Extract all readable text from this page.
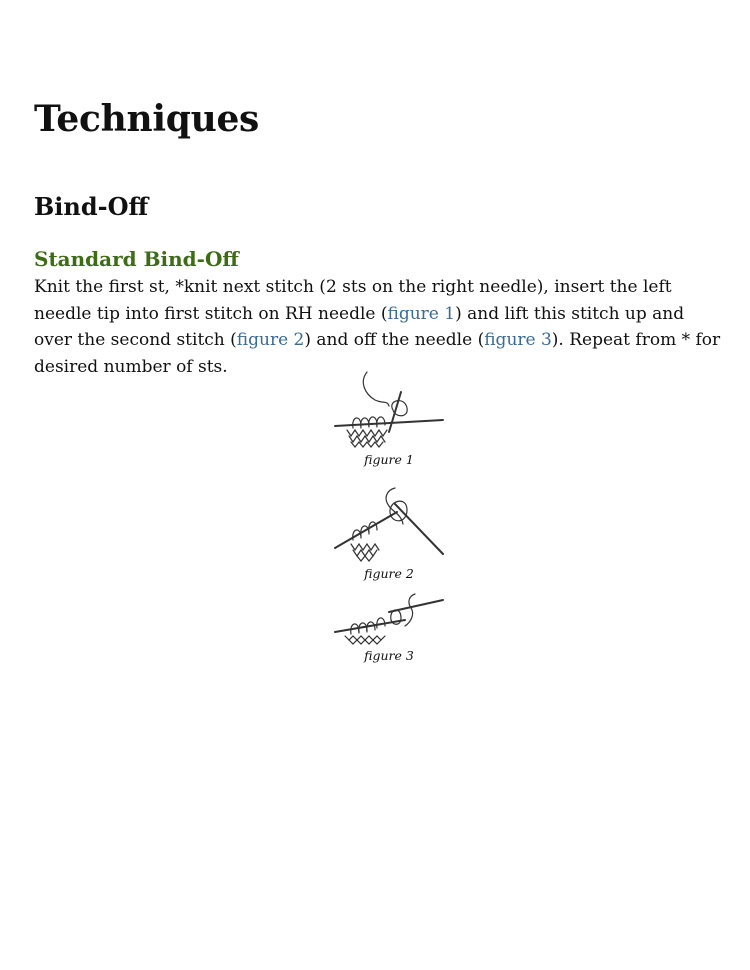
Techniques
Bind-Off
Standard Bind-Off

Knit the first st, *knit next stitch (2 sts on the right needle), insert the left needle tip into first stitch on RH needle (figure 1) and lift this stitch up and over the second stitch (figure 2) and off the needle (figure 3). Repeat from * for desired number of sts.

figure 1
figure 2
figure 3
